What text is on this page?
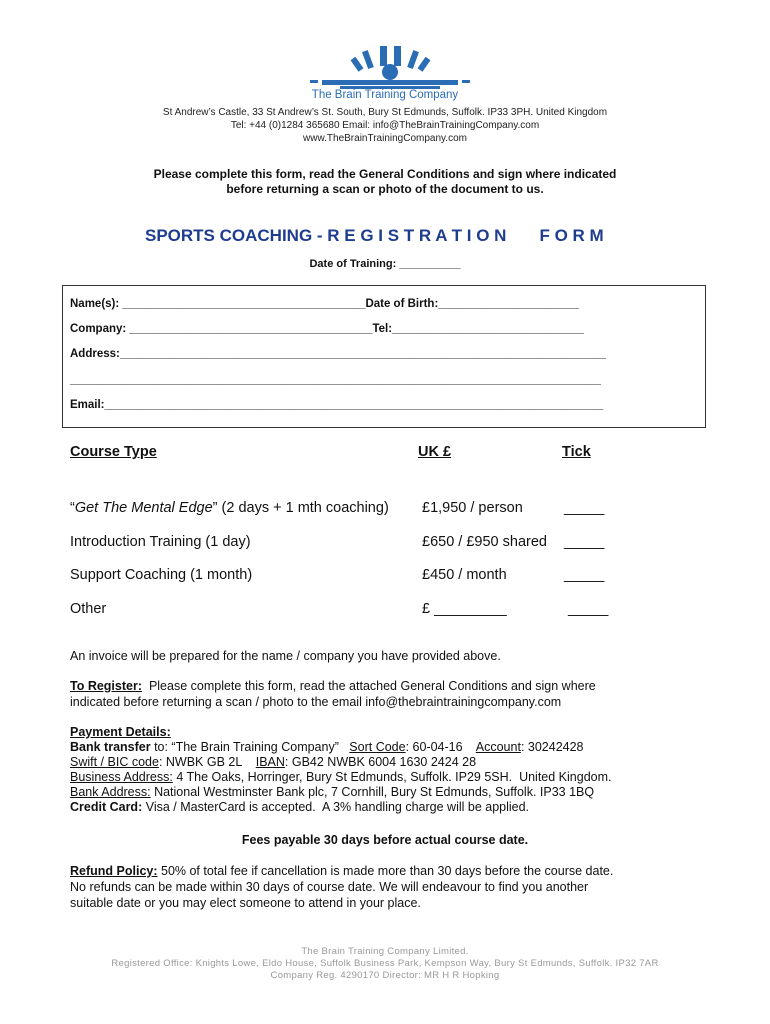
The Brain Training Company
St Andrew’s Castle, 33 St Andrew’s St. South, Bury St Edmunds, Suffolk. IP33 3PH. United Kingdom
Tel: +44 (0)1284 365680 Email: info@TheBrainTrainingCompany.com
www.TheBrainTrainingCompany.com
Please complete this form, read the General Conditions and sign where indicated
before returning a scan or photo of the document to us.
SPORTS COACHING - R E G I S T R A T I O N       F O R M
Date of Training: __________
Name(s): ______________________________________Date of Birth:______________________
Company: ______________________________________Tel:______________________________
Address:____________________________________________________________________________
___________________________________________________________________________________
Email:______________________________________________________________________________
Course Type	UK £	Tick
“Get The Mental Edge” (2 days + 1 mth coaching) £1,950 / person	_____
Introduction Training (1 day)	£650 / £950 shared _____
Support Coaching (1 month)	£450 / month	_____
Other	£ _________	_____
An invoice will be prepared for the name / company you have provided above.
To Register:  Please complete this form, read the attached General Conditions and sign where
indicated before returning a scan / photo to the email info@thebraintrainingcompany.com
Payment Details:
Bank transfer to: “The Brain Training Company”   Sort Code: 60-04-16    Account: 30242428
Swift / BIC code: NWBK GB 2L    IBAN: GB42 NWBK 6004 1630 2424 28
Business Address: 4 The Oaks, Horringer, Bury St Edmunds, Suffolk. IP29 5SH.  United Kingdom.
Bank Address: National Westminster Bank plc, 7 Cornhill, Bury St Edmunds, Suffolk. IP33 1BQ
Credit Card: Visa / MasterCard is accepted.  A 3% handling charge will be applied.
Fees payable 30 days before actual course date.
Refund Policy: 50% of total fee if cancellation is made more than 30 days before the course date.
No refunds can be made within 30 days of course date. We will endeavour to find you another
suitable date or you may elect someone to attend in your place.
The Brain Training Company Limited.
Registered Office: Knights Lowe, Eldo House, Suffolk Business Park, Kempson Way, Bury St Edmunds, Suffolk. IP32 7AR
Company Reg. 4290170 Director: MR H R Hopking
